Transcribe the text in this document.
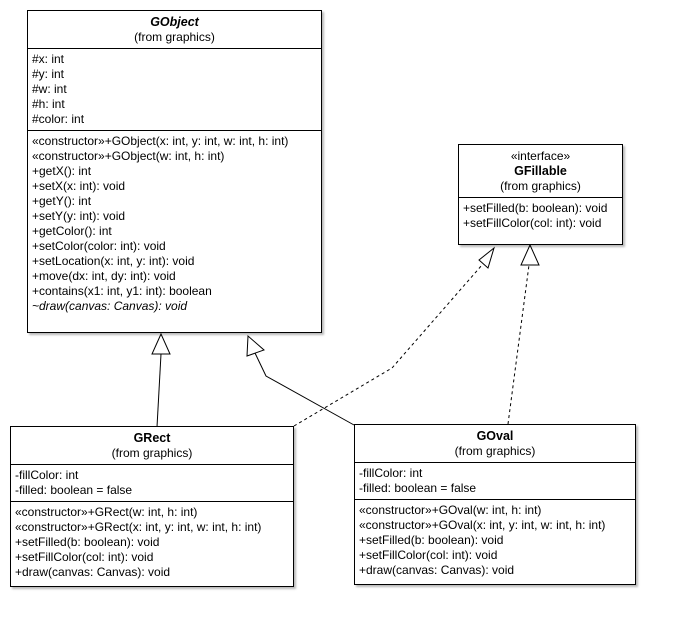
GObject
(from graphics)
#x: int
#y: int
#w: int
#h: int
#color: int
«constructor»+GObject(x: int, y: int, w: int, h: int)
«constructor»+GObject(w: int, h: int)
+getX(): int
+setX(x: int): void
+getY(): int
+setY(y: int): void
+getColor(): int
+setColor(color: int): void
+setLocation(x: int, y: int): void
+move(dx: int, dy: int): void
+contains(x1: int, y1: int): boolean
~draw(canvas: Canvas): void
«interface»
GFillable
(from graphics)
+setFilled(b: boolean): void
+setFillColor(col: int): void
GRect
(from graphics)
-fillColor: int
-filled: boolean = false
«constructor»+GRect(w: int, h: int)
«constructor»+GRect(x: int, y: int, w: int, h: int)
+setFilled(b: boolean): void
+setFillColor(col: int): void
+draw(canvas: Canvas): void
GOval
(from graphics)
-fillColor: int
-filled: boolean = false
«constructor»+GOval(w: int, h: int)
«constructor»+GOval(x: int, y: int, w: int, h: int)
+setFilled(b: boolean): void
+setFillColor(col: int): void
+draw(canvas: Canvas): void
